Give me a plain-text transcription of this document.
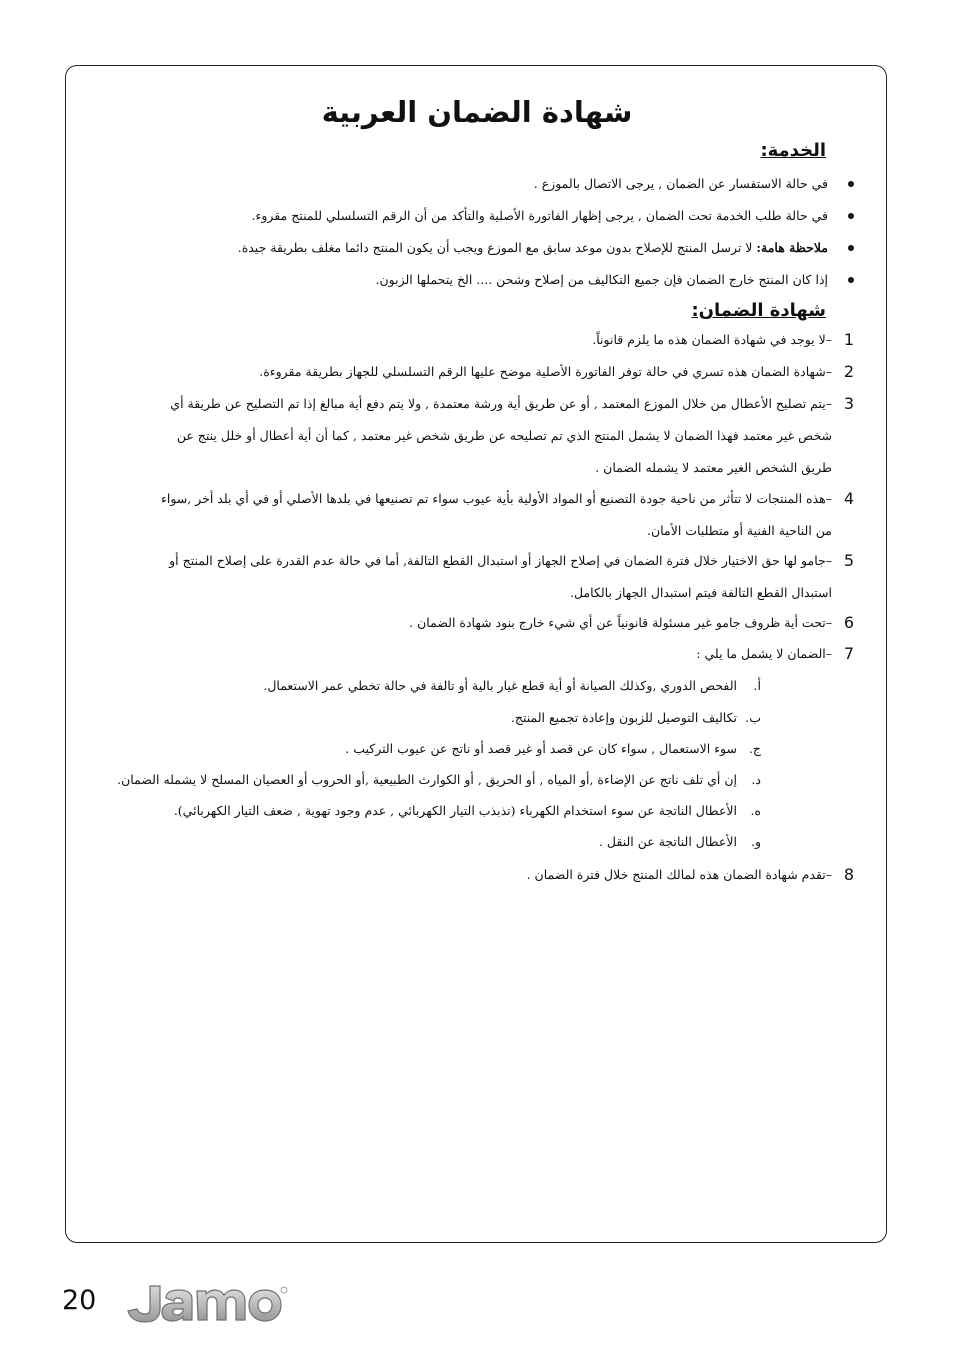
شهادة الضمان العربية
الخدمة:
في حالة الاستفسار عن الضمان , يرجى الاتصال بالموزع .
في حالة طلب الخدمة تحت الضمان , يرجى إظهار الفاتورة الأصلية والتأكد من أن الرقم التسلسلي للمنتج مقروء.
ملاحظة هامة: لا ترسل المنتج للإصلاح بدون موعد سابق مع الموزع ويجب أن يكون المنتج دائما مغلف بطريقة جيدة.
إذا كان المنتج خارج الضمان فإن جميع التكاليف من إصلاح وشحن .... الخ يتحملها الزبون.
شهادة الضمان:
1
–لا يوجد في شهادة الضمان هذه ما يلزم قانوناً.
2
–شهادة الضمان هذه تسري في حالة توفر الفاتورة الأصلية موضح عليها الرقم التسلسلي للجهاز بطريقة مقروءة.
3
–يتم تصليح الأعطال من خلال الموزع المعتمد , أو عن طريق أية ورشة معتمدة , ولا يتم دفع أية مبالغ إذا تم التصليح عن طريقة أي
شخص غير معتمد فهذا الضمان لا يشمل المنتج الذي تم تصليحه عن طريق شخص غير معتمد , كما أن أية أعطال أو خلل ينتج عن
طريق الشخص الغير معتمد لا يشمله الضمان .
4
–هذه المنتجات لا تتأثر من ناحية جودة التصنيع أو المواد الأولية بأية عيوب سواء تم تصنيعها في بلدها الأصلي أو في أي بلد أخر ,سواء
من الناحية الفنية أو متطلبات الأمان.
5
–جامو لها حق الاختيار خلال فترة الضمان في إصلاح الجهاز أو استبدال القطع التالفة, أما في حالة عدم القدرة على إصلاح المنتج أو
استبدال القطع التالفة فيتم استبدال الجهاز بالكامل.
6
–تحت أية ظروف جامو غير مسئولة قانونياً عن أي شيء خارج بنود شهادة الضمان .
7
–الضمان لا يشمل ما يلي :
أ.الفحص الدوري ,وكذلك الصيانة أو أية قطع غيار بالية أو تالفة في حالة تخطي عمر الاستعمال.
ب.تكاليف التوصيل للزبون وإعادة تجميع المنتج.
ج.سوء الاستعمال , سواء كان عن قصد أو غير قصد أو ناتج عن عيوب التركيب .
د.إن أي تلف ناتج عن الإضاءة ,أو المياه , أو الحريق , أو الكوارث الطبيعية ,أو الحروب أو العصيان المسلح لا يشمله الضمان.
ه.الأعطال الناتجة عن سوء استخدام الكهرباء (تذبذب التيار الكهربائي , عدم وجود تهوية , ضعف التيار الكهربائي).
و.الأعطال الناتجة عن النقل .
8
–تقدم شهادة الضمان هذه لمالك المنتج خلال فترة الضمان .
20
